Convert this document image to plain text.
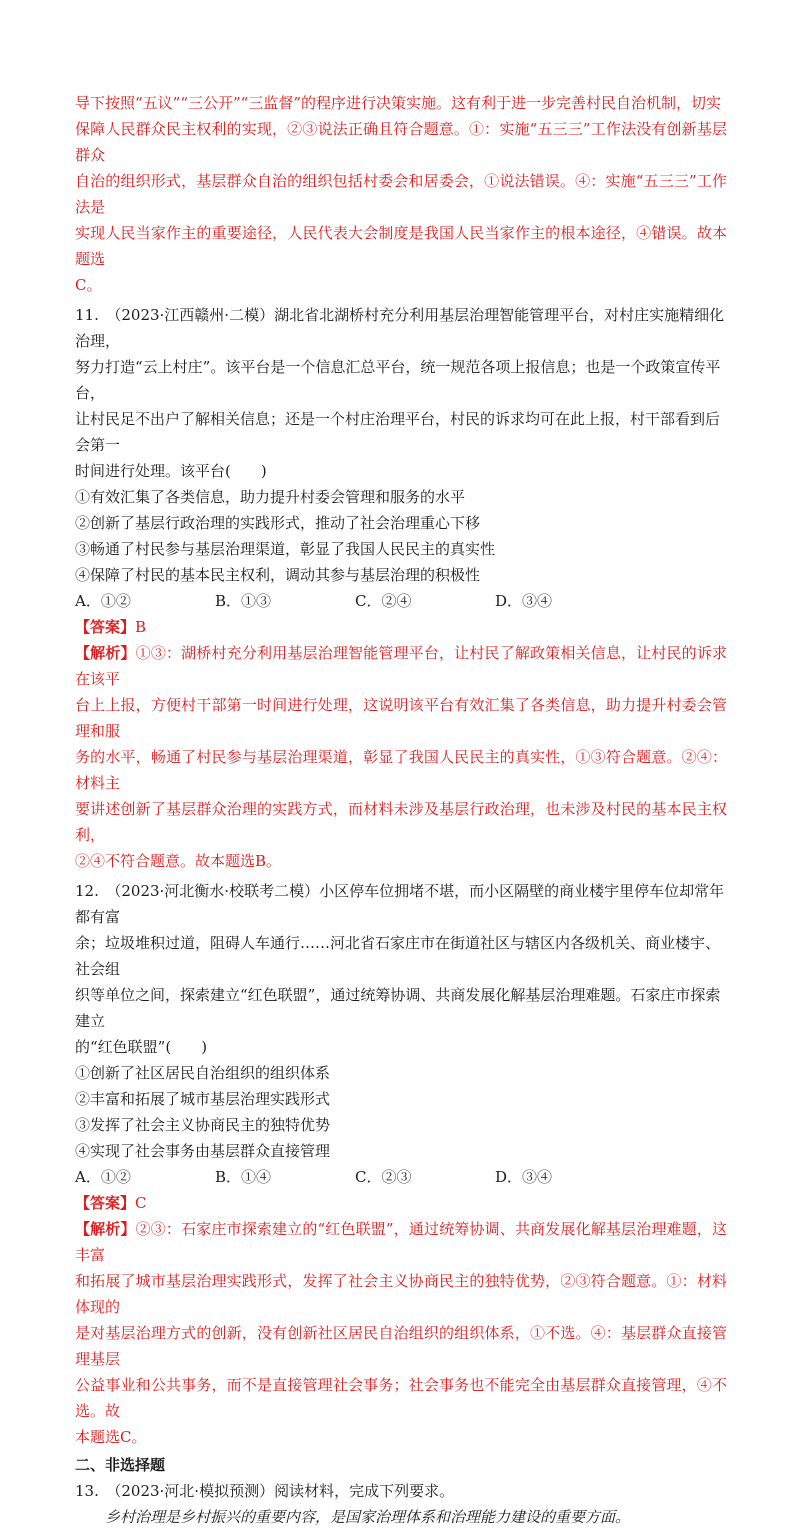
导下按照“五议”“三公开”“三监督”的程序进行决策实施。这有利于进一步完善村民自治机制，切实

保障人民群众民主权利的实现，②③说法正确且符合题意。①：实施“五三三”工作法没有创新基层群众

自治的组织形式，基层群众自治的组织包括村委会和居委会，①说法错误。④：实施“五三三”工作法是

实现人民当家作主的重要途径，人民代表大会制度是我国人民当家作主的根本途径，④错误。故本题选

C。

11.　（2023·江西赣州·二模）湖北省北湖桥村充分利用基层治理智能管理平台，对村庄实施精细化治理，

努力打造“云上村庄”。该平台是一个信息汇总平台，统一规范各项上报信息；也是一个政策宣传平台，

让村民足不出户了解相关信息；还是一个村庄治理平台，村民的诉求均可在此上报，村干部看到后会第一

时间进行处理。该平台(　　)

①有效汇集了各类信息，助力提升村委会管理和服务的水平

②创新了基层行政治理的实践形式，推动了社会治理重心下移

③畅通了村民参与基层治理渠道，彰显了我国人民民主的真实性

④保障了村民的基本民主权利，调动其参与基层治理的积极性

A．①②	B．①③	C．②④	D．③④

【答案】B

【解析】①③：湖桥村充分利用基层治理智能管理平台，让村民了解政策相关信息，让村民的诉求在该平

台上上报，方便村干部第一时间进行处理，这说明该平台有效汇集了各类信息，助力提升村委会管理和服

务的水平，畅通了村民参与基层治理渠道，彰显了我国人民民主的真实性，①③符合题意。②④：材料主

要讲述创新了基层群众治理的实践方式，而材料未涉及基层行政治理，也未涉及村民的基本民主权利，

②④不符合题意。故本题选B。

12.　（2023·河北衡水·校联考二模）小区停车位拥堵不堪，而小区隔壁的商业楼宇里停车位却常年都有富

余；垃圾堆积过道，阻碍人车通行……河北省石家庄市在街道社区与辖区内各级机关、商业楼宇、社会组

织等单位之间，探索建立“红色联盟”，通过统筹协调、共商发展化解基层治理难题。石家庄市探索建立

的“红色联盟”(　　)

①创新了社区居民自治组织的组织体系

②丰富和拓展了城市基层治理实践形式

③发挥了社会主义协商民主的独特优势

④实现了社会事务由基层群众直接管理

A．①②	B．①④	C．②③	D．③④

【答案】C

【解析】②③：石家庄市探索建立的“红色联盟”，通过统筹协调、共商发展化解基层治理难题，这丰富

和拓展了城市基层治理实践形式，发挥了社会主义协商民主的独特优势，②③符合题意。①：材料体现的

是对基层治理方式的创新，没有创新社区居民自治组织的组织体系，①不选。④：基层群众直接管理基层

公益事业和公共事务，而不是直接管理社会事务；社会事务也不能完全由基层群众直接管理，④不选。故

本题选C。

二、非选择题

13.　（2023·河北·模拟预测）阅读材料，完成下列要求。

乡村治理是乡村振兴的重要内容，是国家治理体系和治理能力建设的重要方面。
